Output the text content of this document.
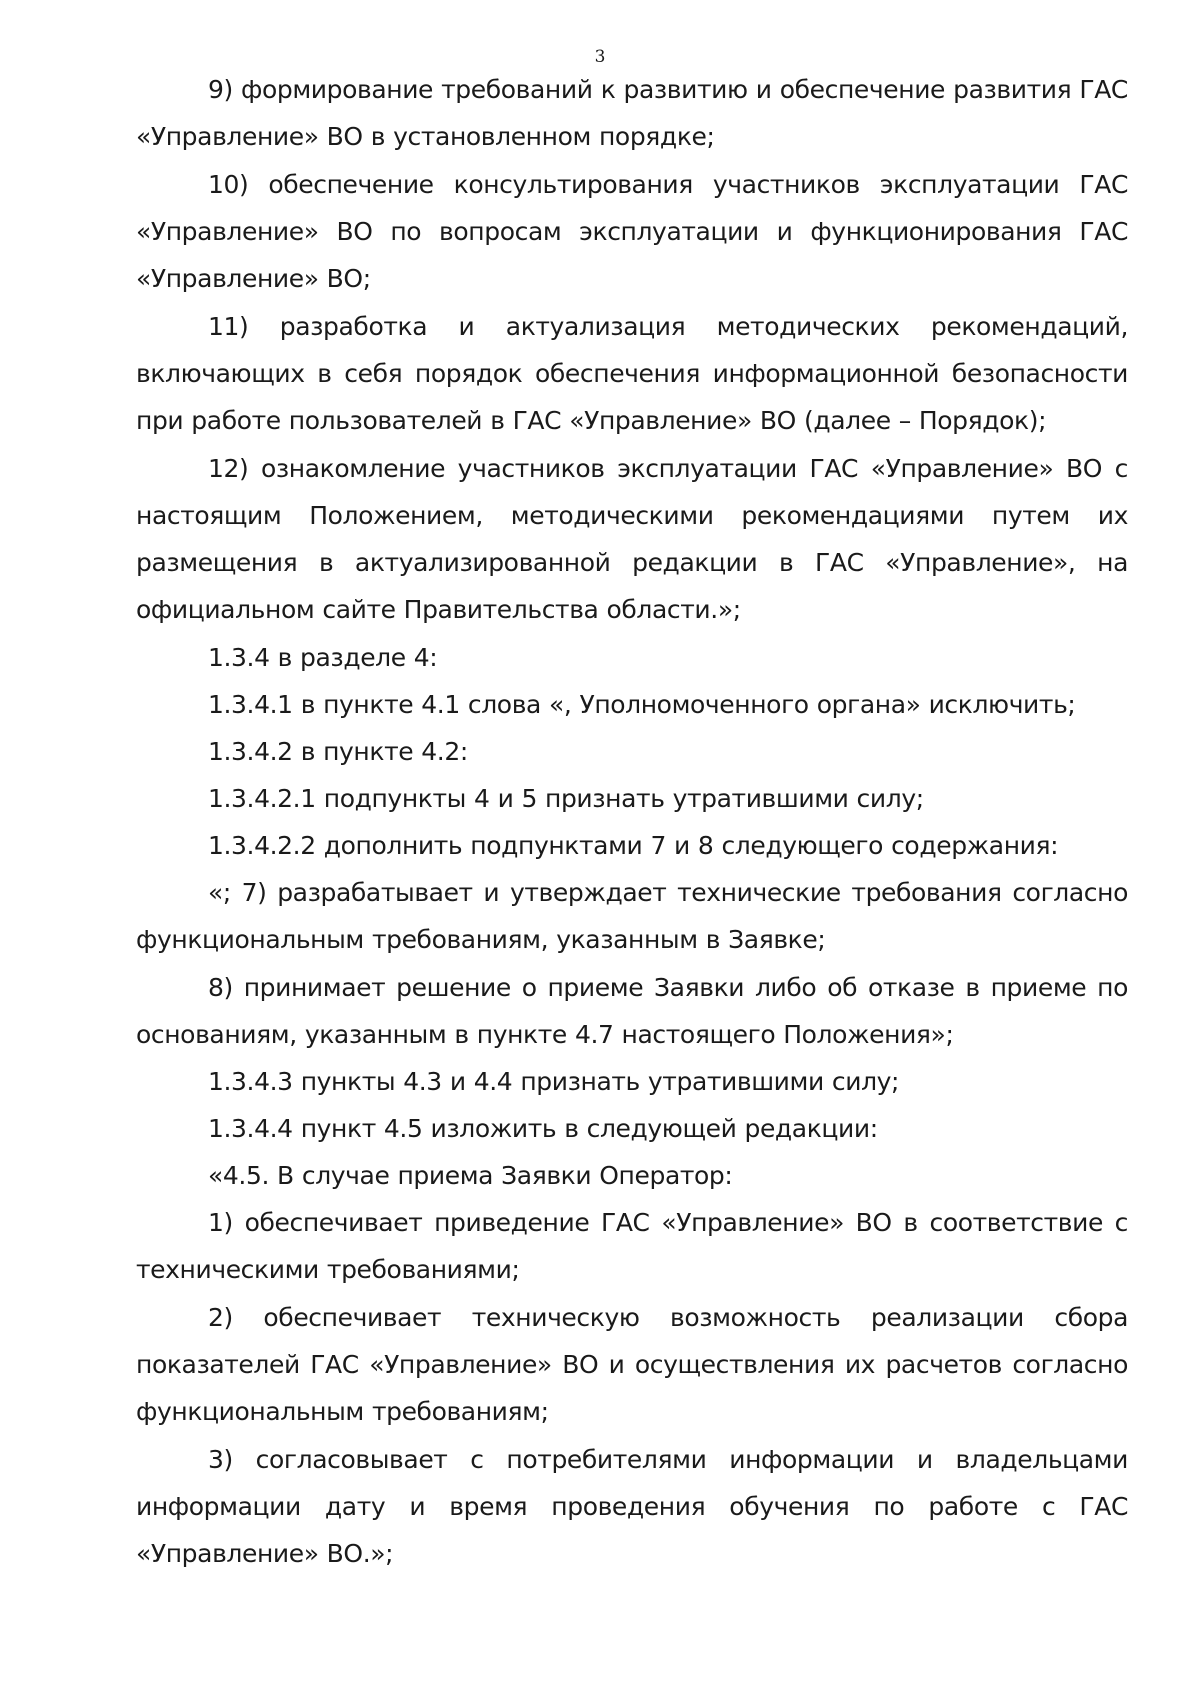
3

9) формирование требований к развитию и обеспечение развития ГАС «Управление» ВО в установленном порядке;

10) обеспечение консультирования участников эксплуатации ГАС «Управление» ВО по вопросам эксплуатации и функционирования ГАС «Управление» ВО;

11) разработка и актуализация методических рекомендаций, включающих в себя порядок обеспечения информационной безопасности при работе пользователей в ГАС «Управление» ВО (далее – Порядок);

12) ознакомление участников эксплуатации ГАС «Управление» ВО с настоящим Положением, методическими рекомендациями путем их размещения в актуализированной редакции в ГАС «Управление», на официальном сайте Правительства области.»;

1.3.4 в разделе 4:

1.3.4.1 в пункте 4.1 слова «, Уполномоченного органа» исключить;

1.3.4.2 в пункте 4.2:

1.3.4.2.1 подпункты 4 и 5 признать утратившими силу;

1.3.4.2.2 дополнить подпунктами 7 и 8 следующего содержания:

«; 7) разрабатывает и утверждает технические требования согласно функциональным требованиям, указанным в Заявке;

8) принимает решение о приеме Заявки либо об отказе в приеме по основаниям, указанным в пункте 4.7 настоящего Положения»;

1.3.4.3 пункты 4.3 и 4.4 признать утратившими силу;

1.3.4.4 пункт 4.5 изложить в следующей редакции:

«4.5. В случае приема Заявки Оператор:

1) обеспечивает приведение ГАС «Управление» ВО в соответствие с техническими требованиями;

2) обеспечивает техническую возможность реализации сбора показателей ГАС «Управление» ВО и осуществления их расчетов согласно функциональным требованиям;

3) согласовывает с потребителями информации и владельцами информации дату и время проведения обучения по работе с ГАС «Управление» ВО.»;
